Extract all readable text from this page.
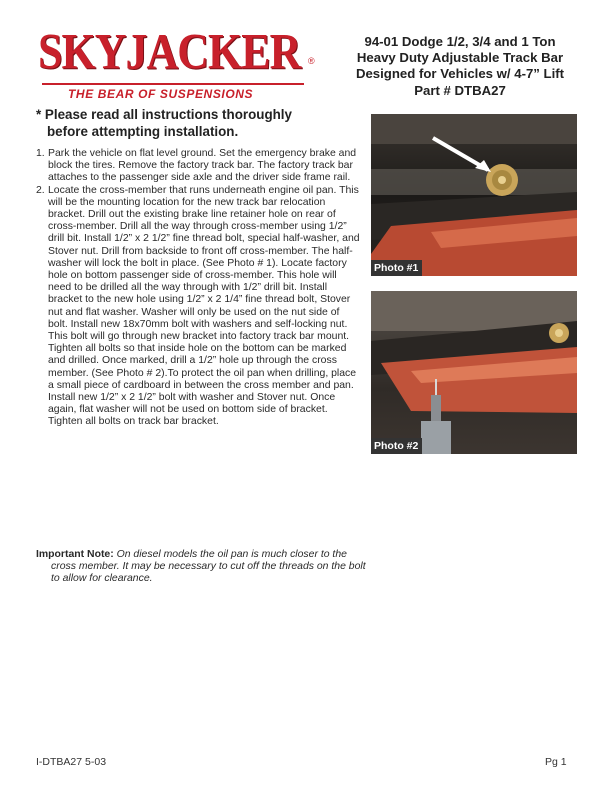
SKYJACKER ®
THE BEAR OF SUSPENSIONS
94-01 Dodge 1/2, 3/4 and 1 Ton
Heavy Duty Adjustable Track Bar
Designed for Vehicles w/ 4-7” Lift
Part # DTBA27
* Please read all instructions thoroughly
before attempting installation.
1. Park the vehicle on flat level ground. Set the emergency brake and block the tires. Remove the factory track bar. The factory track bar attaches to the passenger side axle and the driver side frame rail.
2. Locate the cross-member that runs underneath engine oil pan. This will be the mounting location for the new track bar relocation bracket. Drill out the existing brake line retainer hole on rear of cross-member. Drill all the way through cross-member using 1/2” drill bit. Install 1/2” x 2 1/2” fine thread bolt, special half-washer, and Stover nut. Drill from backside to front off cross-member. The half-washer will lock the bolt in place. (See Photo # 1). Locate factory hole on bottom passenger side of cross-member. This hole will need to be drilled all the way through with 1/2” drill bit. Install bracket to the new hole using 1/2” x 2 1/4” fine thread bolt, Stover nut and flat washer. Washer will only be used on the nut side of bolt. Install new 18x70mm bolt with washers and self-locking nut. This bolt will go through new bracket into factory track bar mount. Tighten all bolts so that inside hole on the bottom can be marked and drilled. Once marked, drill a 1/2” hole up through the cross member. (See Photo # 2).To protect the oil pan when drilling, place a small piece of cardboard in between the cross member and pan. Install new 1/2” x 2 1/2” bolt with washer and Stover nut. Once again, flat washer will not be used on bottom side of bracket. Tighten all bolts on track bar bracket.
Important Note: On diesel models the oil pan is much closer to the cross member. It may be necessary to cut off the threads on the bolt to allow for clearance.
Photo #1
Photo #2
I-DTBA27 5-03	Pg 1
